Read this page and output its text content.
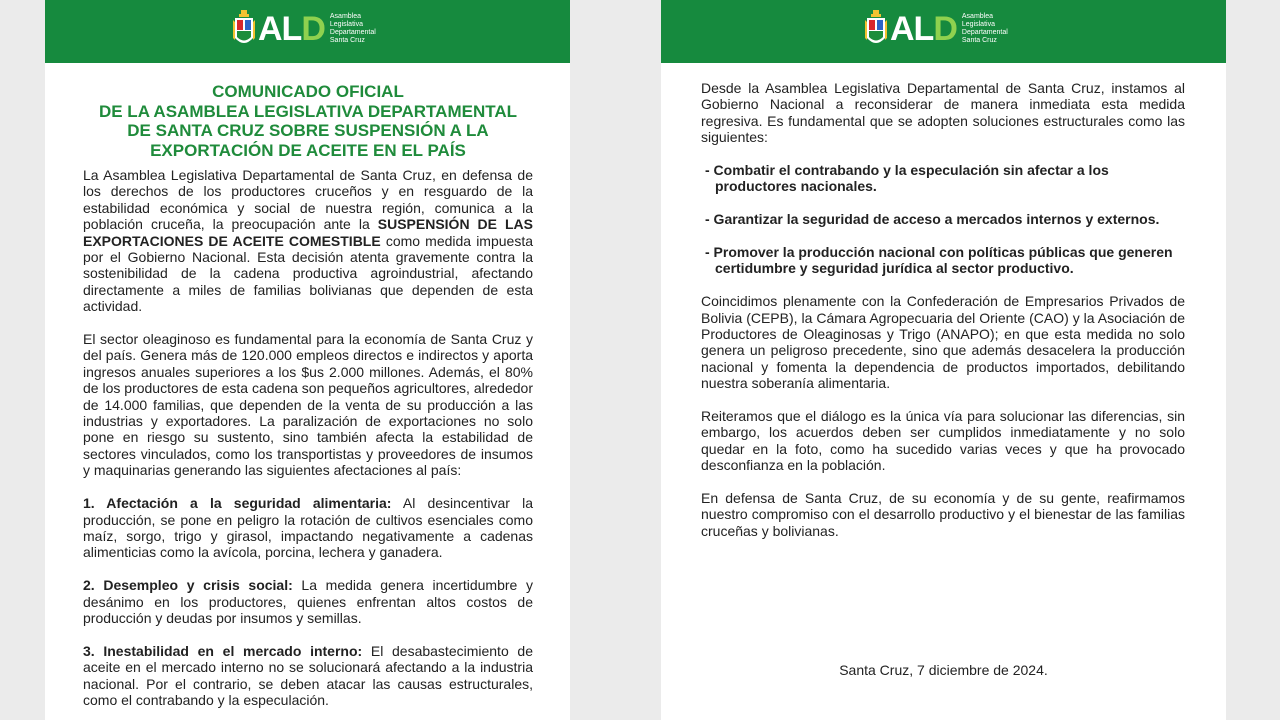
ALD Asamblea
Legislativa
Departamental
Santa Cruz
COMUNICADO OFICIAL
DE LA ASAMBLEA LEGISLATIVA DEPARTAMENTAL
DE SANTA CRUZ SOBRE SUSPENSIÓN A LA
EXPORTACIÓN DE ACEITE EN EL PAÍS

La Asamblea Legislativa Departamental de Santa Cruz, en defensa de los derechos de los productores cruceños y en resguardo de la estabilidad económica y social de nuestra región, comunica a la población cruceña, la preocupación ante la SUSPENSIÓN DE LAS EXPORTACIONES DE ACEITE COMESTIBLE como medida impuesta por el Gobierno Nacional. Esta decisión atenta gravemente contra la sostenibilidad de la cadena productiva agroindustrial, afectando directamente a miles de familias bolivianas que dependen de esta actividad.

El sector oleaginoso es fundamental para la economía de Santa Cruz y del país. Genera más de 120.000 empleos directos e indirectos y aporta ingresos anuales superiores a los $us 2.000 millones. Además, el 80% de los productores de esta cadena son pequeños agricultores, alrededor de 14.000 familias, que dependen de la venta de su producción a las industrias y exportadores. La paralización de exportaciones no solo pone en riesgo su sustento, sino también afecta la estabilidad de sectores vinculados, como los transportistas y proveedores de insumos y maquinarias generando las siguientes afectaciones al país:

1. Afectación a la seguridad alimentaria: Al desincentivar la producción, se pone en peligro la rotación de cultivos esenciales como maíz, sorgo, trigo y girasol, impactando negativamente a cadenas alimenticias como la avícola, porcina, lechera y ganadera.

2. Desempleo y crisis social: La medida genera incertidumbre y desánimo en los productores, quienes enfrentan altos costos de producción y deudas por insumos y semillas.

3. Inestabilidad en el mercado interno: El desabastecimiento de aceite en el mercado interno no se solucionará afectando a la industria nacional. Por el contrario, se deben atacar las causas estructurales, como el contrabando y la especulación.

ALD Asamblea
Legislativa
Departamental
Santa Cruz

Desde la Asamblea Legislativa Departamental de Santa Cruz, instamos al Gobierno Nacional a reconsiderar de manera inmediata esta medida regresiva. Es fundamental que se adopten soluciones estructurales como las siguientes:

- Combatir el contrabando y la especulación sin afectar a los productores nacionales.

- Garantizar la seguridad de acceso a mercados internos y externos.

- Promover la producción nacional con políticas públicas que generen certidumbre y seguridad jurídica al sector productivo.

Coincidimos plenamente con la Confederación de Empresarios Privados de Bolivia (CEPB), la Cámara Agropecuaria del Oriente (CAO) y la Asociación de Productores de Oleaginosas y Trigo (ANAPO); en que esta medida no solo genera un peligroso precedente, sino que además desacelera la producción nacional y fomenta la dependencia de productos importados, debilitando nuestra soberanía alimentaria.

Reiteramos que el diálogo es la única vía para solucionar las diferencias, sin embargo, los acuerdos deben ser cumplidos inmediatamente y no solo quedar en la foto, como ha sucedido varias veces y que ha provocado desconfianza en la población.

En defensa de Santa Cruz, de su economía y de su gente, reafirmamos nuestro compromiso con el desarrollo productivo y el bienestar de las familias cruceñas y bolivianas.

Santa Cruz, 7 diciembre de 2024.
